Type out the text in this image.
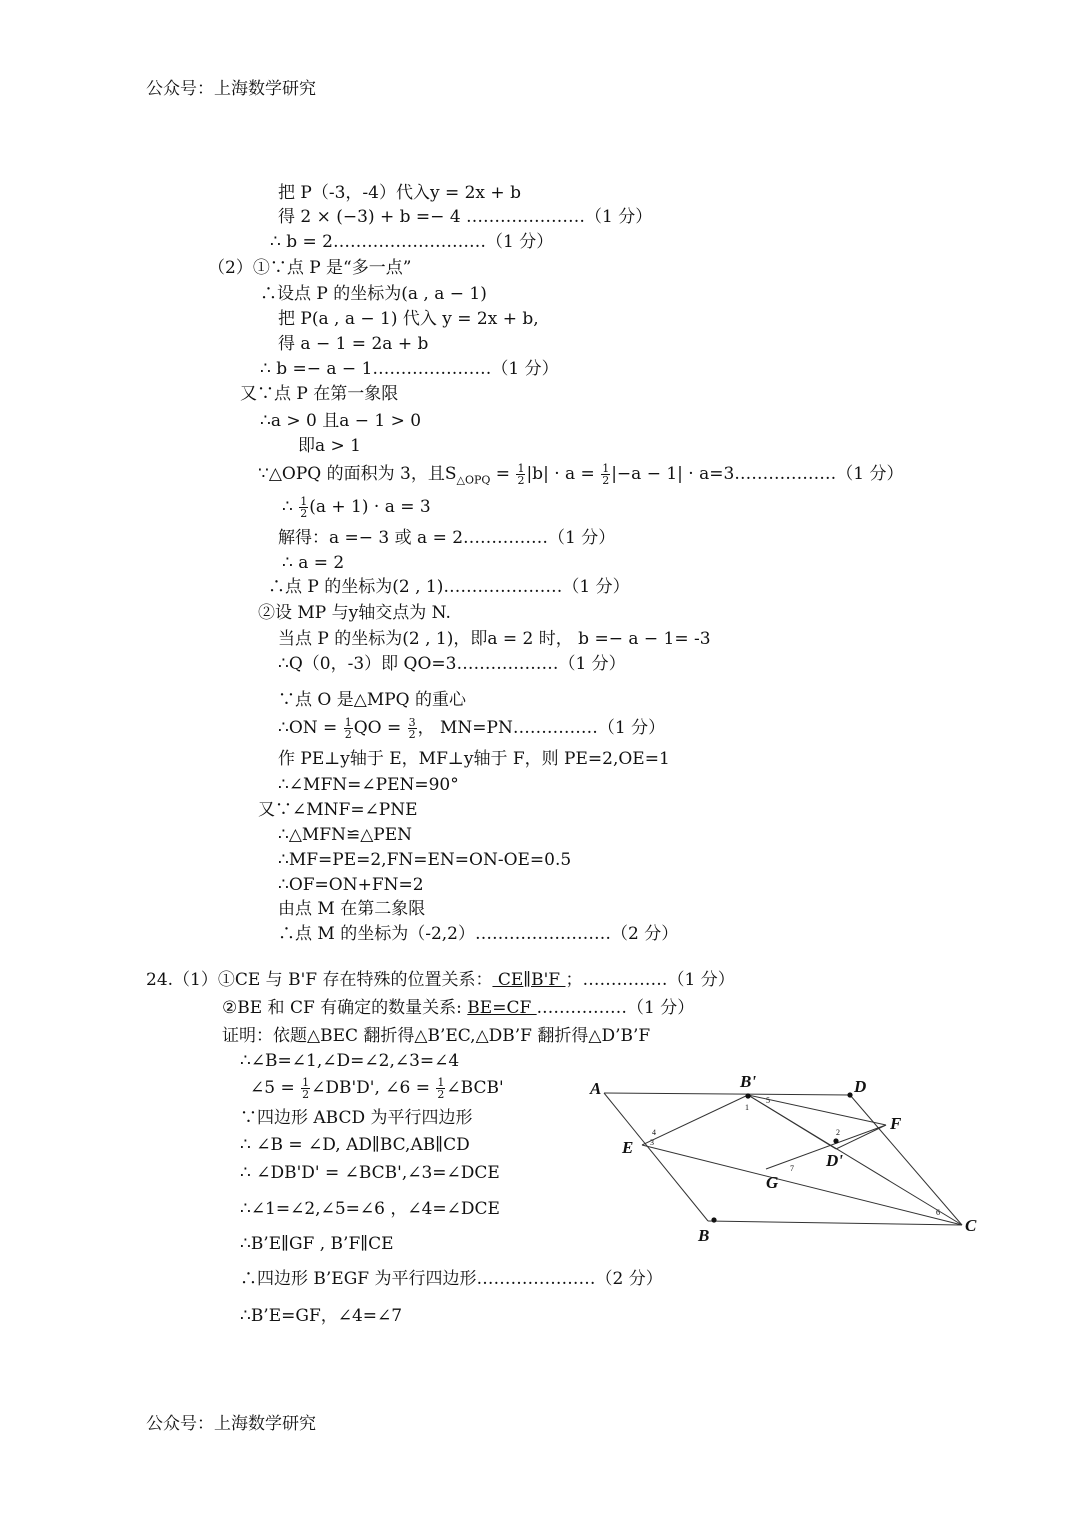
公众号：上海数学研究
把 P（-3，-4）代入y = 2x + b
得 2 × (−3) + b =− 4 …………………（1 分）
∴ b = 2………………………（1 分）
（2）①∵点 P 是“多一点”
∴设点 P 的坐标为(a , a − 1)
把 P(a , a − 1) 代入 y = 2x + b,
得 a − 1 = 2a + b
∴ b =− a − 1…………………（1 分）
又∵点 P 在第一象限
∴a > 0 且a − 1 > 0
即a > 1
∵△OPQ 的面积为 3，且$S_{\triangle OPQ} = \frac{1}{2} |b| \cdot a = \frac{1}{2} |-a - 1|$ · a=3………………（1 分）
∴ $\frac{1}{2} (a + 1) \cdot a = 3$
解得：a =− 3 或 a = 2……………（1 分）
∴ a = 2
∴点 P 的坐标为(2 , 1)…………………（1 分）
②设 MP 与y轴交点为 N.
当点 P 的坐标为(2 , 1)，即a = 2 时， b =− a − 1= -3
∴Q（0，-3）即 QO=3………………（1 分）
∵点 O 是△MPQ 的重心
∴ON = $\frac{1}{2}$ QO = $\frac{3}{2}$ ， MN=PN……………（1 分）
作 PE⊥y轴于 E，MF⊥y轴于 F，则 PE=2,OE=1
∴∠MFN=∠PEN=90°
又∵∠MNF=∠PNE
∴△MFN≌△PEN
∴MF=PE=2,FN=EN=ON-OE=0.5
∴OF=ON+FN=2
由点 M 在第二象限
∴点 M 的坐标为（-2,2）……………………（2 分）
24.（1）①CE 与 B'F 存在特殊的位置关系： CE∥B'F ；……………（1 分）
②BE 和 CF 有确定的数量关系: BE=CF .……………（1 分）
证明：依题△BEC 翻折得△B’EC,△DB’F 翻折得△D’B’F
∴∠B=∠1,∠D=∠2,∠3=∠4
∠5 = $\frac{1}{2}$ ∠DB'D', ∠6 = $\frac{1}{2}$ ∠BCB'
∵四边形 ABCD 为平行四边形
∴ ∠B = ∠D, AD∥BC,AB∥CD
∴ ∠DB'D' = ∠BCB',∠3=∠DCE
∴∠1=∠2,∠5=∠6 ，∠4=∠DCE
∴B’E∥GF , B’F∥CE
∴四边形 B’EGF 为平行四边形…………………（2 分）
∴B’E=GF，∠4=∠7
A	B'	D
F
E
D'
G
B
C
1
2
3
4
5
6
7
公众号：上海数学研究
